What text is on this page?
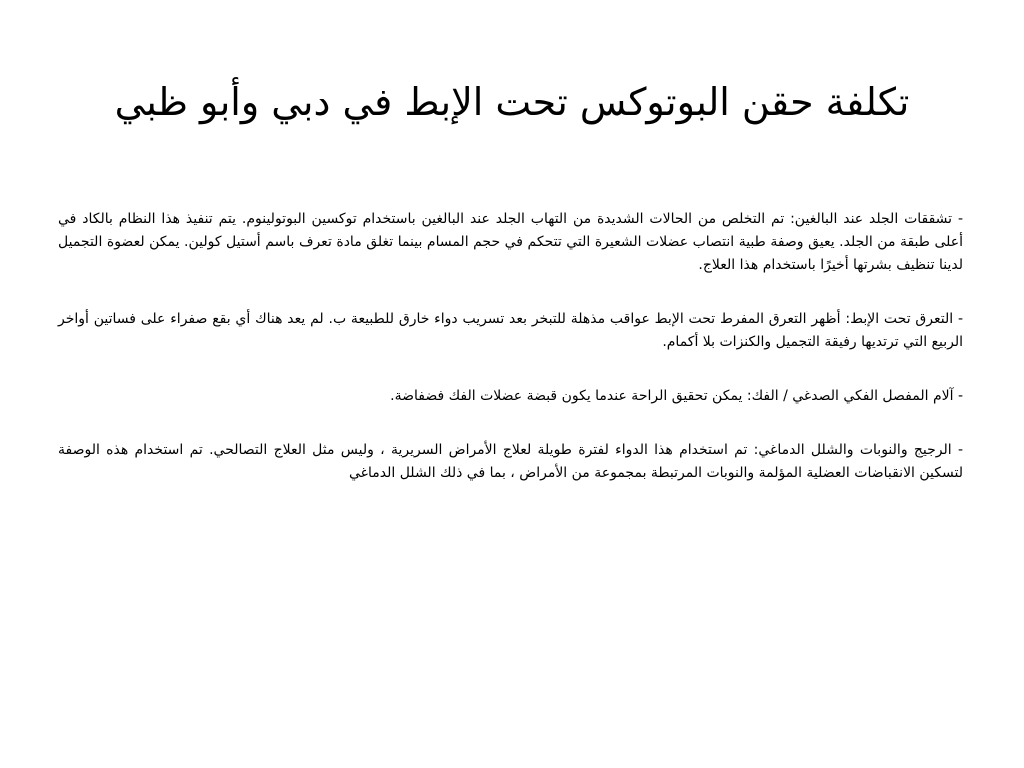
تكلفة حقن البوتوكس تحت الإبط في دبي وأبو ظبي
- تشققات الجلد عند البالغين: تم التخلص من الحالات الشديدة من التهاب الجلد عند البالغين باستخدام توكسين البوتولينوم. يتم تنفيذ هذا النظام بالكاد في أعلى طبقة من الجلد. يعيق وصفة طبية انتصاب عضلات الشعيرة التي تتحكم في حجم المسام بينما تغلق مادة تعرف باسم أستيل كولين. يمكن لعضوة التجميل لدينا تنظيف بشرتها أخيرًا باستخدام هذا العلاج.
- التعرق تحت الإبط: أظهر التعرق المفرط تحت الإبط عواقب مذهلة للتبخر بعد تسريب دواء خارق للطبيعة ب. لم يعد هناك أي بقع صفراء على فساتين أواخر الربيع التي ترتديها رفيقة التجميل والكنزات بلا أكمام.
- آلام المفصل الفكي الصدغي / الفك: يمكن تحقيق الراحة عندما يكون قبضة عضلات الفك فضفاضة.
- الرجيج والنوبات والشلل الدماغي: تم استخدام هذا الدواء لفترة طويلة لعلاج الأمراض السريرية ، وليس مثل العلاج التصالحي. تم استخدام هذه الوصفة لتسكين الانقباضات العضلية المؤلمة والنوبات المرتبطة بمجموعة من الأمراض ، بما في ذلك الشلل الدماغي
